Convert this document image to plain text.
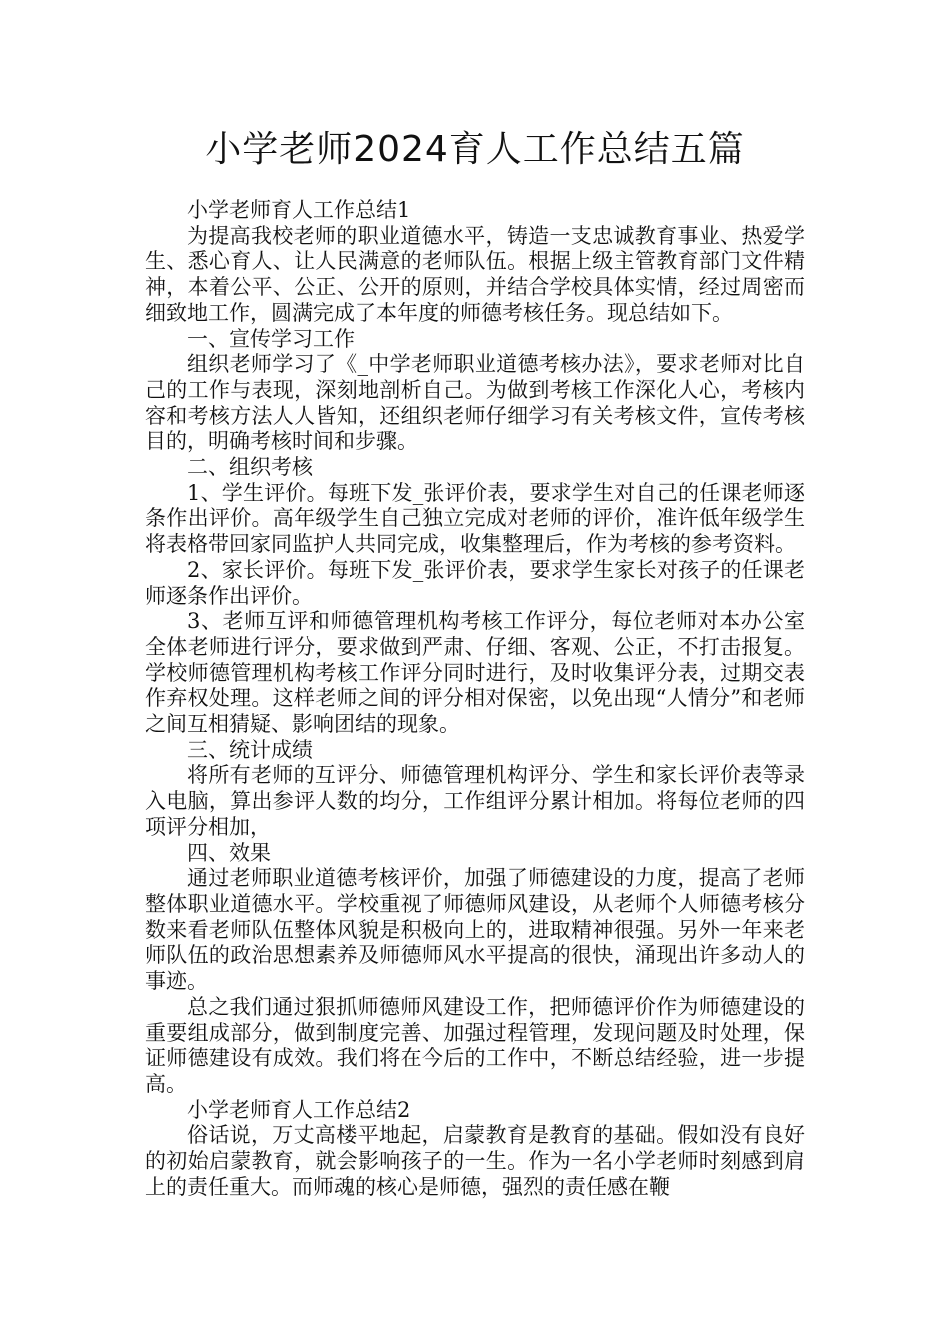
小学老师2024育人工作总结五篇

小学老师育人工作总结1

为提高我校老师的职业道德水平，铸造一支忠诚教育事业、热爱学生、悉心育人、让人民满意的老师队伍。根据上级主管教育部门文件精神，本着公平、公正、公开的原则，并结合学校具体实情，经过周密而细致地工作，圆满完成了本年度的师德考核任务。现总结如下。

一、宣传学习工作

组织老师学习了《_中学老师职业道德考核办法》，要求老师对比自己的工作与表现，深刻地剖析自己。为做到考核工作深化人心，考核内容和考核方法人人皆知，还组织老师仔细学习有关考核文件，宣传考核目的，明确考核时间和步骤。

二、组织考核

1、学生评价。每班下发_张评价表，要求学生对自己的任课老师逐条作出评价。高年级学生自己独立完成对老师的评价，准许低年级学生将表格带回家同监护人共同完成，收集整理后，作为考核的参考资料。

2、家长评价。每班下发_张评价表，要求学生家长对孩子的任课老师逐条作出评价。

3、老师互评和师德管理机构考核工作评分，每位老师对本办公室全体老师进行评分，要求做到严肃、仔细、客观、公正，不打击报复。学校师德管理机构考核工作评分同时进行，及时收集评分表，过期交表作弃权处理。这样老师之间的评分相对保密，以免出现“人情分”和老师之间互相猜疑、影响团结的现象。

三、统计成绩

将所有老师的互评分、师德管理机构评分、学生和家长评价表等录入电脑，算出参评人数的均分，工作组评分累计相加。将每位老师的四项评分相加，

四、效果

通过老师职业道德考核评价，加强了师德建设的力度，提高了老师整体职业道德水平。学校重视了师德师风建设，从老师个人师德考核分数来看老师队伍整体风貌是积极向上的，进取精神很强。另外一年来老师队伍的政治思想素养及师德师风水平提高的很快，涌现出许多动人的事迹。

总之我们通过狠抓师德师风建设工作，把师德评价作为师德建设的重要组成部分，做到制度完善、加强过程管理，发现问题及时处理，保证师德建设有成效。我们将在今后的工作中，不断总结经验，进一步提高。

小学老师育人工作总结2

俗话说，万丈高楼平地起，启蒙教育是教育的基础。假如没有良好的初始启蒙教育，就会影响孩子的一生。作为一名小学老师时刻感到肩上的责任重大。而师魂的核心是师德，强烈的责任感在鞭
